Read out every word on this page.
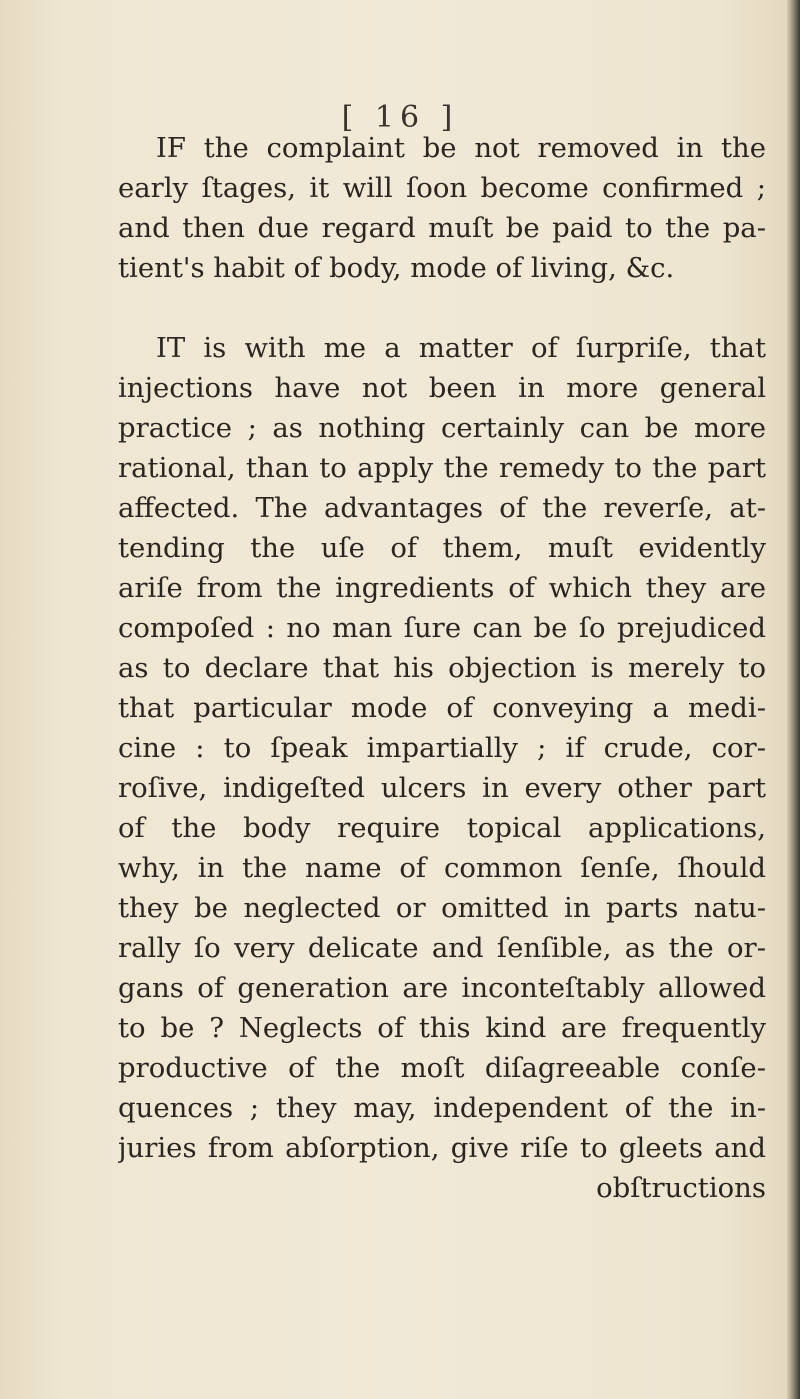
[ 16 ]

IF the complaint be not removed in the
early ſtages, it will ſoon become confirmed ;
and then due regard muſt be paid to the pa-
tient's habit of body, mode of living, &c.

IT is with me a matter of ſurpriſe, that
injections have not been in more general
practice ; as nothing certainly can be more
rational, than to apply the remedy to the part
affected. The advantages of the reverſe, at-
tending the uſe of them, muſt evidently
ariſe from the ingredients of which they are
compoſed : no man ſure can be ſo prejudiced
as to declare that his objection is merely to
that particular mode of conveying a medi-
cine : to ſpeak impartially ; if crude, cor-
roſive, indigeſted ulcers in every other part
of the body require topical applications,
why, in the name of common ſenſe, ſhould
they be neglected or omitted in parts natu-
rally ſo very delicate and ſenſible, as the or-
gans of generation are inconteſtably allowed
to be ? Neglects of this kind are frequently
productive of the moſt diſagreeable conſe-
quences ; they may, independent of the in-
juries from abſorption, give riſe to gleets and

obſtructions
